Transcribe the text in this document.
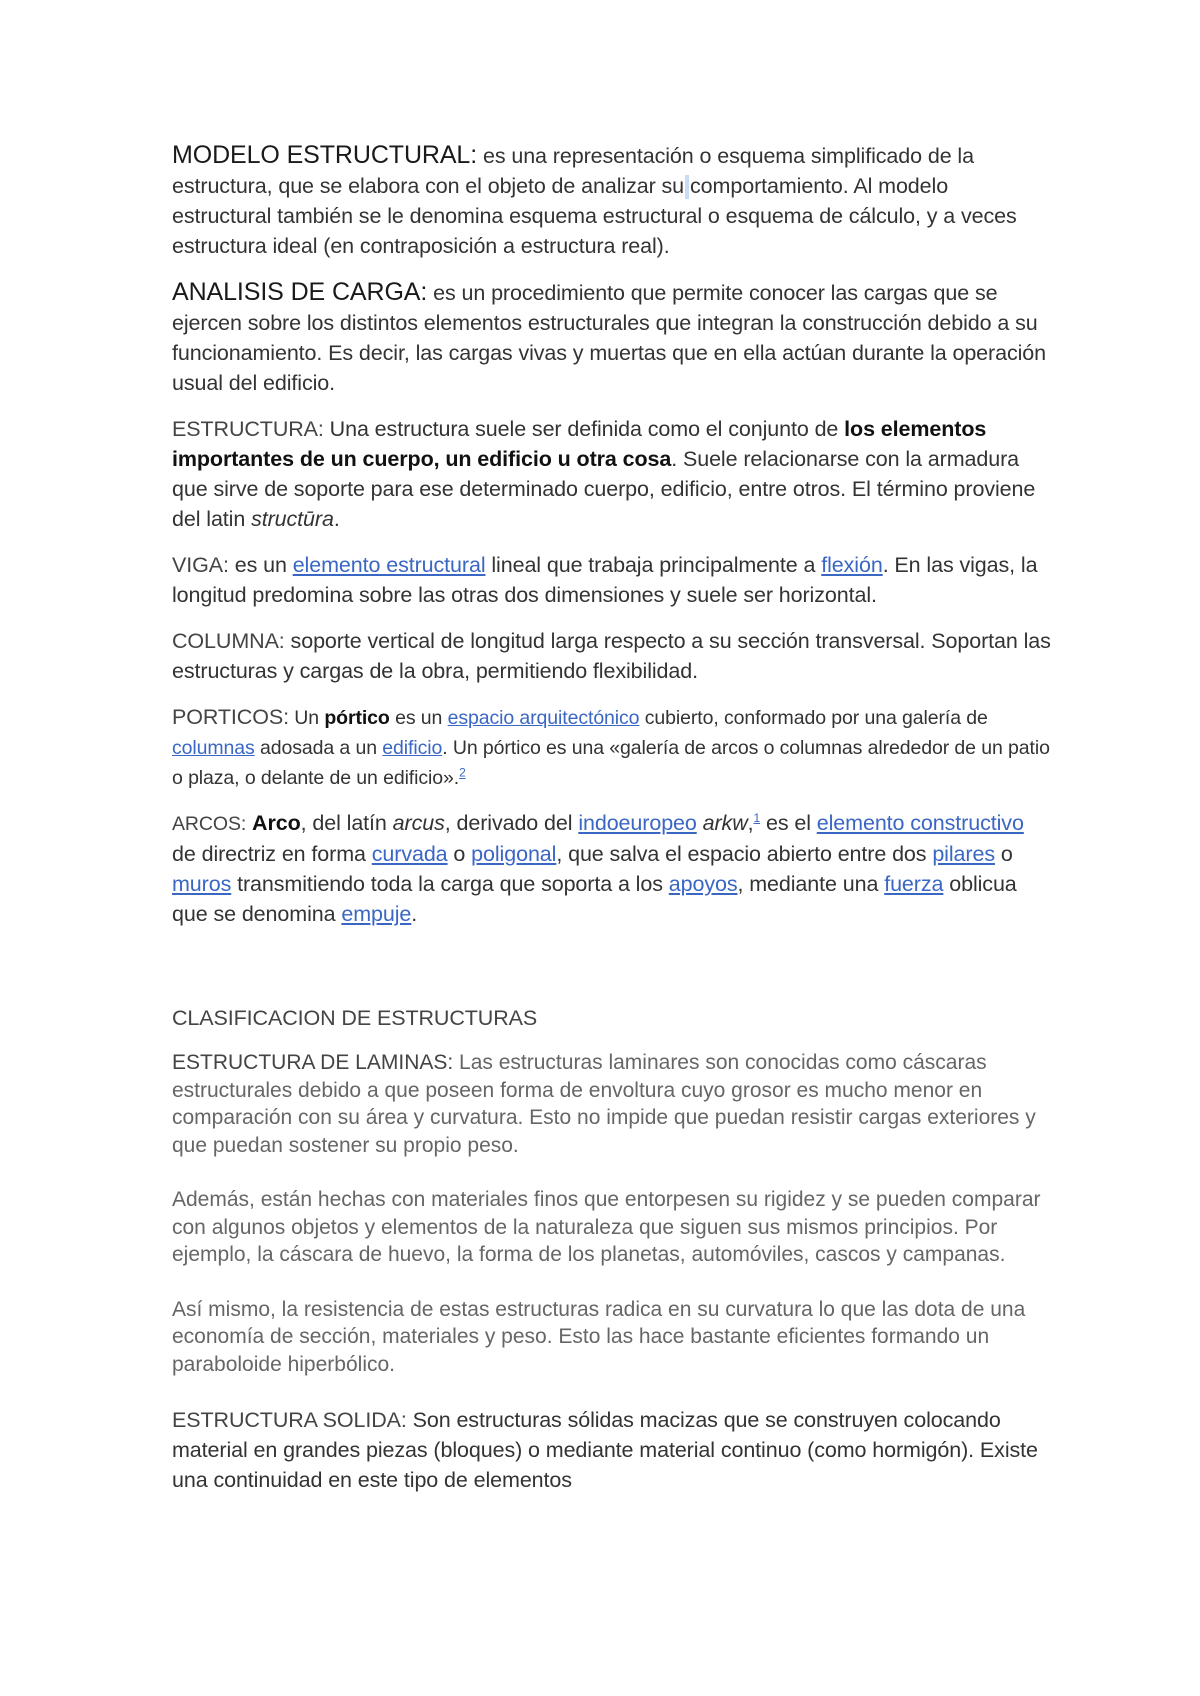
MODELO ESTRUCTURAL: es una representación o esquema simplificado de la estructura, que se elabora con el objeto de analizar su comportamiento. Al modelo estructural también se le denomina esquema estructural o esquema de cálculo, y a veces estructura ideal (en contraposición a estructura real).

ANALISIS DE CARGA: es un procedimiento que permite conocer las cargas que se ejercen sobre los distintos elementos estructurales que integran la construcción debido a su funcionamiento. Es decir, las cargas vivas y muertas que en ella actúan durante la operación usual del edificio.

ESTRUCTURA: Una estructura suele ser definida como el conjunto de los elementos importantes de un cuerpo, un edificio u otra cosa. Suele relacionarse con la armadura que sirve de soporte para ese determinado cuerpo, edificio, entre otros. El término proviene del latin structūra.

VIGA: es un elemento estructural lineal que trabaja principalmente a flexión. En las vigas, la longitud predomina sobre las otras dos dimensiones y suele ser horizontal.

COLUMNA: soporte vertical de longitud larga respecto a su sección transversal. Soportan las estructuras y cargas de la obra, permitiendo flexibilidad.

PORTICOS: Un pórtico es un espacio arquitectónico cubierto, conformado por una galería de columnas adosada a un edificio. Un pórtico es una «galería de arcos o columnas alrededor de un patio o plaza, o delante de un edificio».$^2$

ARCOS: Arco, del latín arcus, derivado del indoeuropeo arkw,$^1$ es el elemento constructivo de directriz en forma curvada o poligonal, que salva el espacio abierto entre dos pilares o muros transmitiendo toda la carga que soporta a los apoyos, mediante una fuerza oblicua que se denomina empuje.

CLASIFICACION DE ESTRUCTURAS

ESTRUCTURA DE LAMINAS: Las estructuras laminares son conocidas como cáscaras estructurales debido a que poseen forma de envoltura cuyo grosor es mucho menor en comparación con su área y curvatura. Esto no impide que puedan resistir cargas exteriores y que puedan sostener su propio peso.

Además, están hechas con materiales finos que entorpesen su rigidez y se pueden comparar con algunos objetos y elementos de la naturaleza que siguen sus mismos principios. Por ejemplo, la cáscara de huevo, la forma de los planetas, automóviles, cascos y campanas.

Así mismo, la resistencia de estas estructuras radica en su curvatura lo que las dota de una economía de sección, materiales y peso. Esto las hace bastante eficientes formando un paraboloide hiperbólico.

ESTRUCTURA SOLIDA: Son estructuras sólidas macizas que se construyen colocando material en grandes piezas (bloques) o mediante material continuo (como hormigón). Existe una continuidad en este tipo de elementos
